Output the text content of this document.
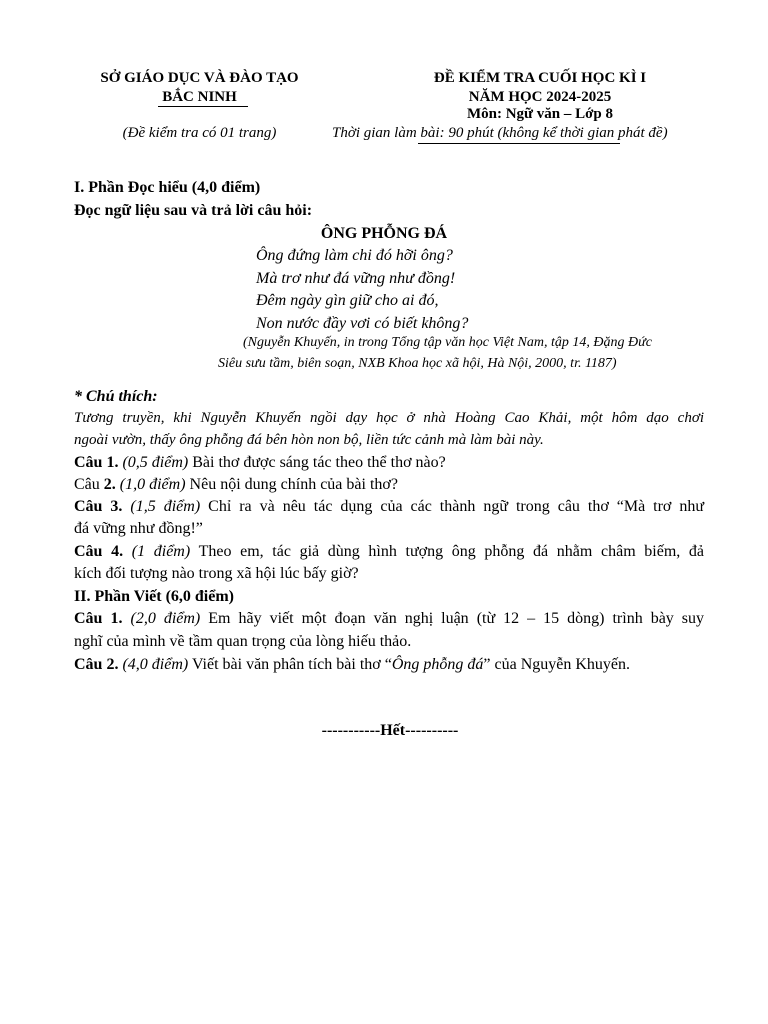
SỞ GIÁO DỤC VÀ ĐÀO TẠO
BẮC NINH
(Đề kiểm tra có 01 trang)
ĐỀ KIỂM TRA CUỐI HỌC KÌ I
NĂM HỌC 2024-2025
Môn: Ngữ văn – Lớp 8
Thời gian làm bài: 90 phút (không kể thời gian phát đề)
I. Phần Đọc hiểu (4,0 điểm)
Đọc ngữ liệu sau và trả lời câu hỏi:
ÔNG PHỖNG ĐÁ
Ông đứng làm chi đó hỡi ông?
Mà trơ như đá vững như đồng!
Đêm ngày gìn giữ cho ai đó,
Non nước đầy vơi có biết không?
(Nguyễn Khuyến, in trong Tổng tập văn học Việt Nam, tập 14, Đặng Đức
Siêu sưu tầm, biên soạn, NXB Khoa học xã hội, Hà Nội, 2000, tr. 1187)
* Chú thích:
Tương truyền, khi Nguyễn Khuyến ngồi dạy học ở nhà Hoàng Cao Khải, một hôm dạo chơi
ngoài vườn, thấy ông phỗng đá bên hòn non bộ, liền tức cảnh mà làm bài này.
Câu 1. (0,5 điểm) Bài thơ được sáng tác theo thể thơ nào?
Câu 2. (1,0 điểm) Nêu nội dung chính của bài thơ?
Câu 3. (1,5 điểm) Chỉ ra và nêu tác dụng của các thành ngữ trong câu thơ “Mà trơ như
đá vững như đồng!”
Câu 4. (1 điểm) Theo em, tác giả dùng hình tượng ông phỗng đá nhằm châm biếm, đả
kích đối tượng nào trong xã hội lúc bấy giờ?
II. Phần Viết (6,0 điểm)
Câu 1. (2,0 điểm) Em hãy viết một đoạn văn nghị luận (từ 12 – 15 dòng) trình bày suy
nghĩ của mình về tầm quan trọng của lòng hiếu thảo.
Câu 2. (4,0 điểm) Viết bài văn phân tích bài thơ “Ông phỗng đá” của Nguyễn Khuyến.
-----------Hết----------
